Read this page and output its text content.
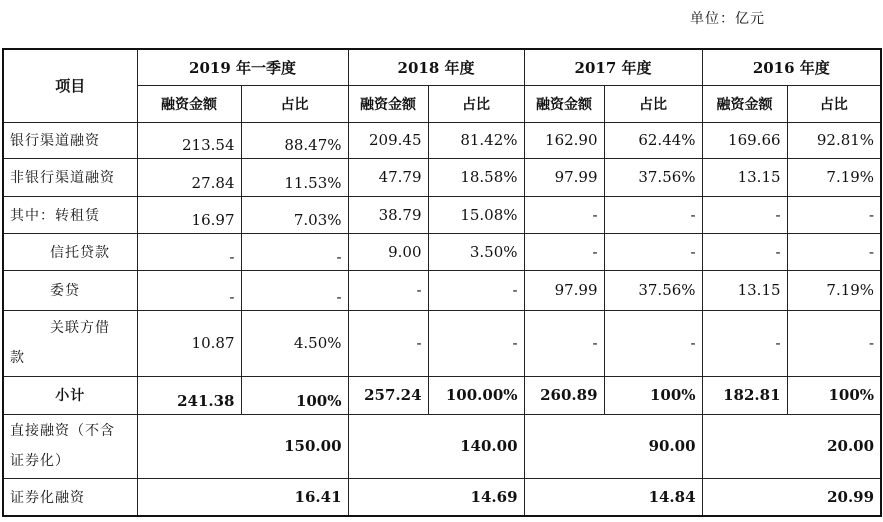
单位：亿元
项目	2019 年一季度		2018 年度		2017 年度		2016 年度	
	融资金额	占比	融资金额	占比	融资金额	占比	融资金额	占比
银行渠道融资	213.54	88.47%	209.45	81.42%	162.90	62.44%	169.66	92.81%
非银行渠道融资	27.84	11.53%	47.79	18.58%	97.99	37.56%	13.15	7.19%
其中：转租赁	16.97	7.03%	38.79	15.08%	-	-	-	-
信托贷款	-	-	9.00	3.50%	-	-	-	-
委贷	-	-	-	-	97.99	37.56%	13.15	7.19%

关联方借
款	10.87	4.50%	-	-	-	-	-	-
小计	241.38	100%	257.24	100.00%	260.89	100%	182.81	100%

直接融资（不含
证券化）	150.00		140.00		90.00		20.00	
证券化融资	16.41		14.69		14.84		20.99	
